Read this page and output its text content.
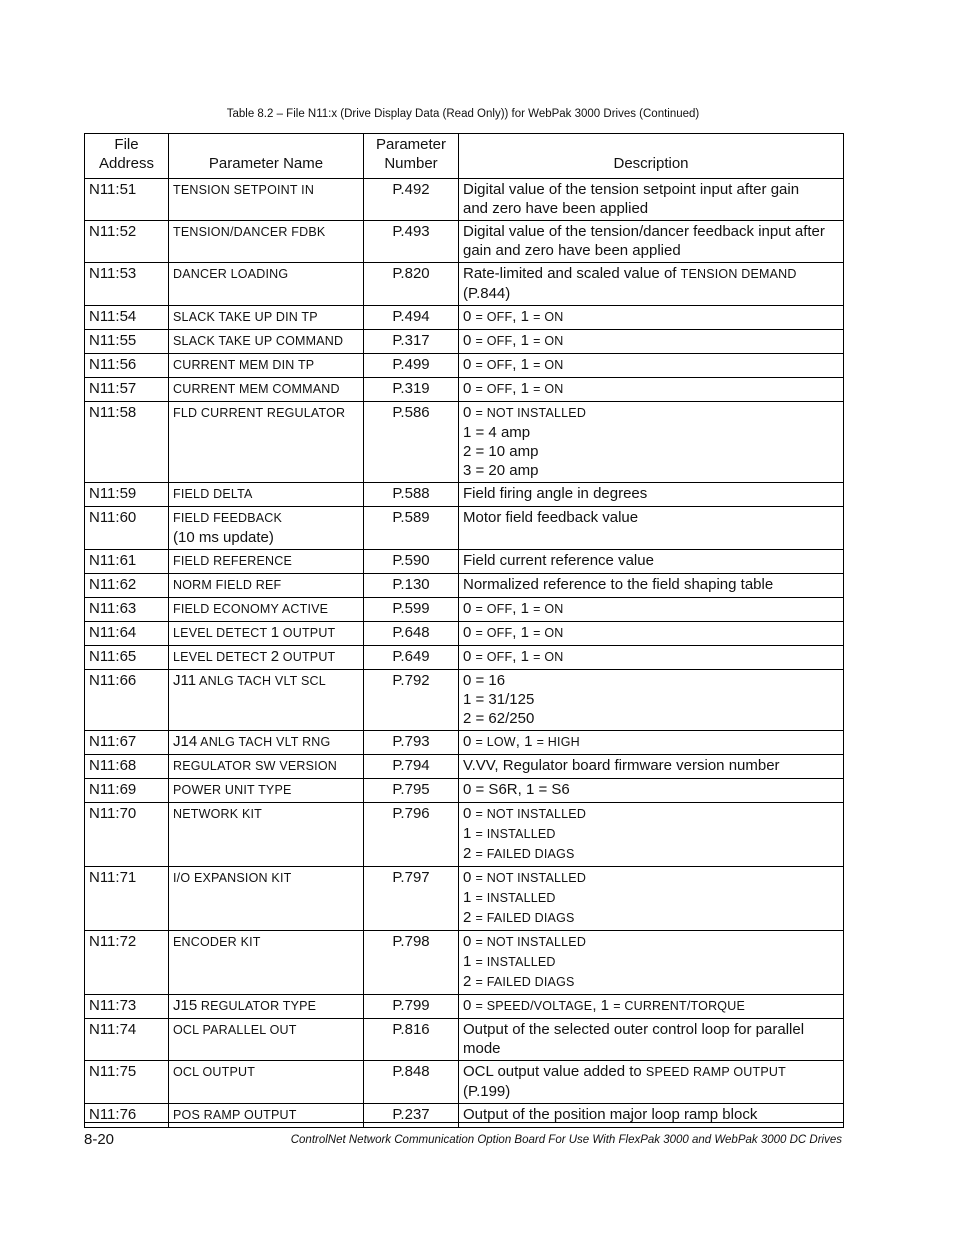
Table 8.2 – File N11:x (Drive Display Data (Read Only)) for WebPak 3000 Drives (Continued)
File
Address	Parameter Name	Parameter
Number	Description
N11:51	TENSION SETPOINT IN	P.492	Digital value of the tension setpoint input after gain
and zero have been applied

N11:52	TENSION/DANCER FDBK	P.493	Digital value of the tension/dancer feedback input after
gain and zero have been applied

N11:53	DANCER LOADING	P.820	Rate-limited and scaled value of TENSION DEMAND
(P.844)

N11:54	SLACK TAKE UP DIN TP	P.494	0 = OFF, 1 = ON

N11:55	SLACK TAKE UP COMMAND	P.317	0 = OFF, 1 = ON

N11:56	CURRENT MEM DIN TP	P.499	0 = OFF, 1 = ON

N11:57	CURRENT MEM COMMAND	P.319	0 = OFF, 1 = ON

N11:58	FLD CURRENT REGULATOR	P.586	0 = NOT INSTALLED
1 = 4 amp
2 = 10 amp
3 = 20 amp

N11:59	FIELD DELTA	P.588	Field firing angle in degrees

N11:60	FIELD FEEDBACK
(10 ms update)	P.589	Motor field feedback value

N11:61	FIELD REFERENCE	P.590	Field current reference value

N11:62	NORM FIELD REF	P.130	Normalized reference to the field shaping table

N11:63	FIELD ECONOMY ACTIVE	P.599	0 = OFF, 1 = ON

N11:64	LEVEL DETECT 1 OUTPUT	P.648	0 = OFF, 1 = ON

N11:65	LEVEL DETECT 2 OUTPUT	P.649	0 = OFF, 1 = ON

N11:66	J11 ANLG TACH VLT SCL	P.792	0 = 16
1 = 31/125
2 = 62/250

N11:67	J14 ANLG TACH VLT RNG	P.793	0 = LOW, 1 = HIGH

N11:68	REGULATOR SW VERSION	P.794	V.VV, Regulator board firmware version number

N11:69	POWER UNIT TYPE	P.795	0 = S6R, 1 = S6

N11:70	NETWORK KIT	P.796	0 = NOT INSTALLED
1 = INSTALLED
2 = FAILED DIAGS

N11:71	I/O EXPANSION KIT	P.797	0 = NOT INSTALLED
1 = INSTALLED
2 = FAILED DIAGS

N11:72	ENCODER KIT	P.798	0 = NOT INSTALLED
1 = INSTALLED
2 = FAILED DIAGS

N11:73	J15 REGULATOR TYPE	P.799	0 = SPEED/VOLTAGE, 1 = CURRENT/TORQUE

N11:74	OCL PARALLEL OUT	P.816	Output of the selected outer control loop for parallel
mode

N11:75	OCL OUTPUT	P.848	OCL output value added to SPEED RAMP OUTPUT
(P.199)

N11:76	POS RAMP OUTPUT	P.237	Output of the position major loop ramp block
8-20	ControlNet Network Communication Option Board For Use With FlexPak 3000 and WebPak 3000 DC Drives
